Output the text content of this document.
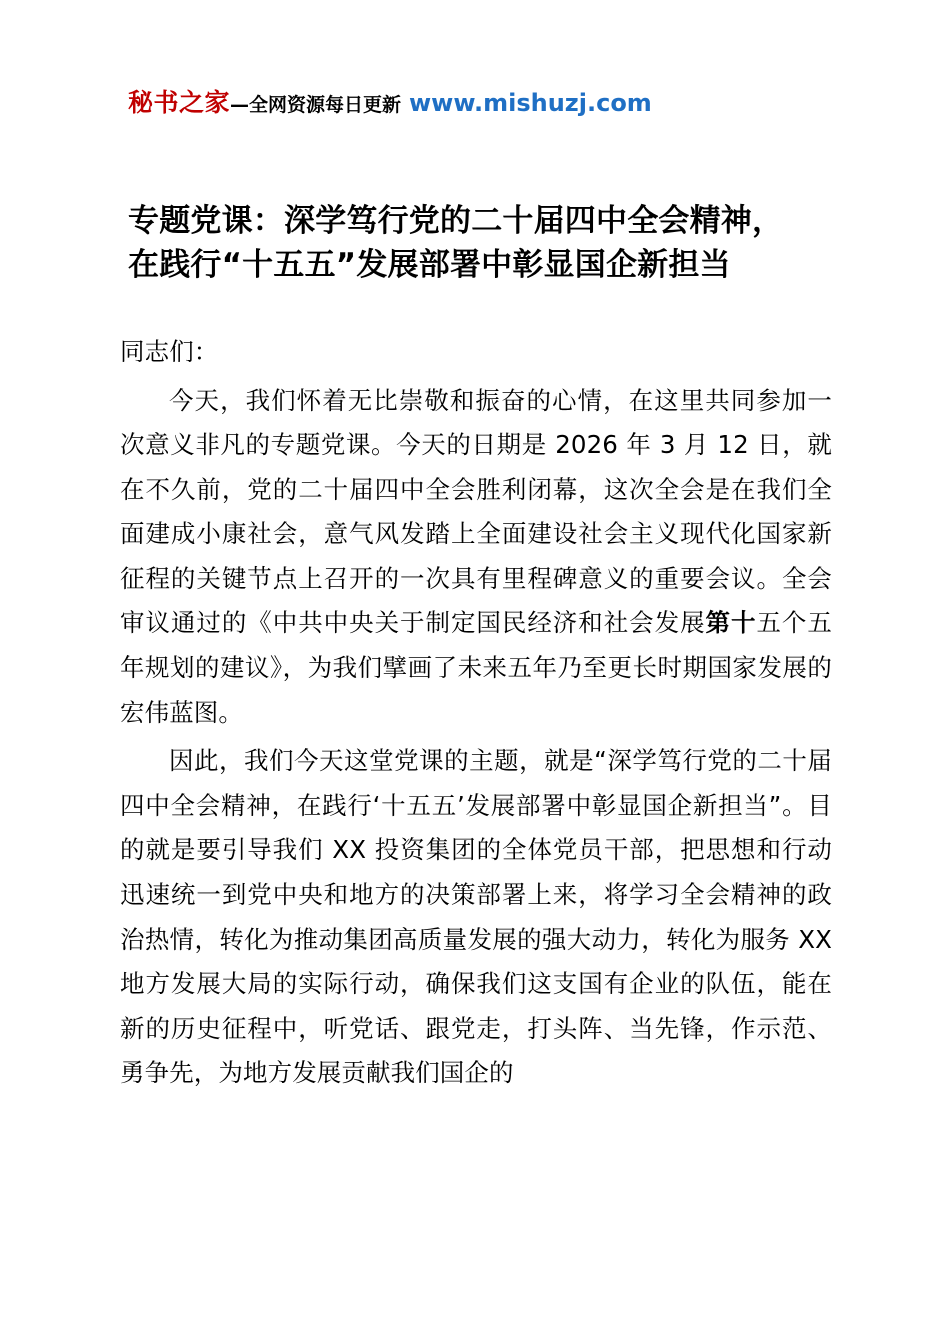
秘书之家—全网资源每日更新 www.mishuzj.com
专题党课：深学笃行党的二十届四中全会精神，
在践行“十五五”发展部署中彰显国企新担当

同志们：

今天，我们怀着无比崇敬和振奋的心情，在这里共同参加一次意义非凡的专题党课。今天的日期是 2026 年 3 月 12 日，就在不久前，党的二十届四中全会胜利闭幕，这次全会是在我们全面建成小康社会，意气风发踏上全面建设社会主义现代化国家新征程的关键节点上召开的一次具有里程碑意义的重要会议。全会审议通过的《中共中央关于制定国民经济和社会发展第十五个五年规划的建议》，为我们擘画了未来五年乃至更长时期国家发展的宏伟蓝图。

因此，我们今天这堂党课的主题，就是“深学笃行党的二十届四中全会精神，在践行‘十五五’发展部署中彰显国企新担当”。目的就是要引导我们 XX 投资集团的全体党员干部，把思想和行动迅速统一到党中央和地方的决策部署上来，将学习全会精神的政治热情，转化为推动集团高质量发展的强大动力，转化为服务 XX 地方发展大局的实际行动，确保我们这支国有企业的队伍，能在新的历史征程中，听党话、跟党走，打头阵、当先锋，作示范、勇争先，为地方发展贡献我们国企的
